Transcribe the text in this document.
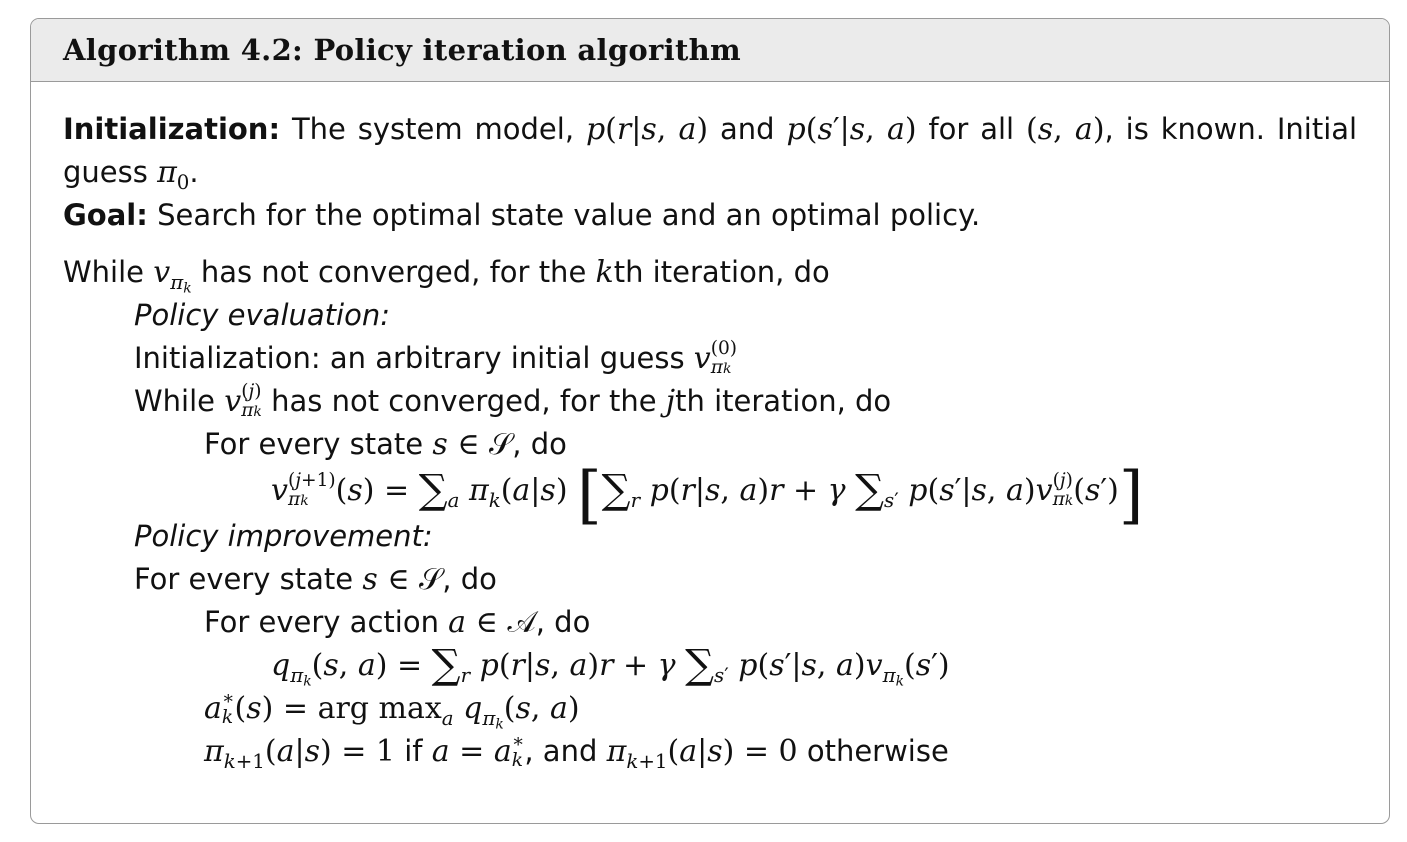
Algorithm 4.2: Policy iteration algorithm

Initialization: The system model, p(r|s, a) and p(s′|s, a) for all (s, a), is known. Initial guess $\pi_0$.

Goal: Search for the optimal state value and an optimal policy.

While $v_{\pi k}$ has not converged, for the kth iteration, do
Policy evaluation:
Initialization: an arbitrary initial guess v (0)
πk
While v (j)
πk has not converged, for the jth iteration, do
For every state s ∈ 𝒮, do
v (j+1)
πk $(s) = \sum_a$ $\pi_k(a|s)$ [$\sum_r$ p(r|s, a)r + γ $\sum_{s'}$ p(s′|s, a)v (j)
πk (s′)]
Policy improvement:
For every state s ∈ 𝒮, do
For every action a ∈ 𝒜, do
$q_{\pi k}(s$, $a) = \sum_r$ p(r|s, a)r + γ $\sum_{s'}$ p(s′|s, $a)v_{\pi k}(s')$
a ∗
k (s) = arg $\max_a q_{\pi k}(s$, a)
$\pi_{k+1}(a|s) = 1$ if a = a ∗
k , and $\pi_{k+1}(a|s) = 0$ otherwise
